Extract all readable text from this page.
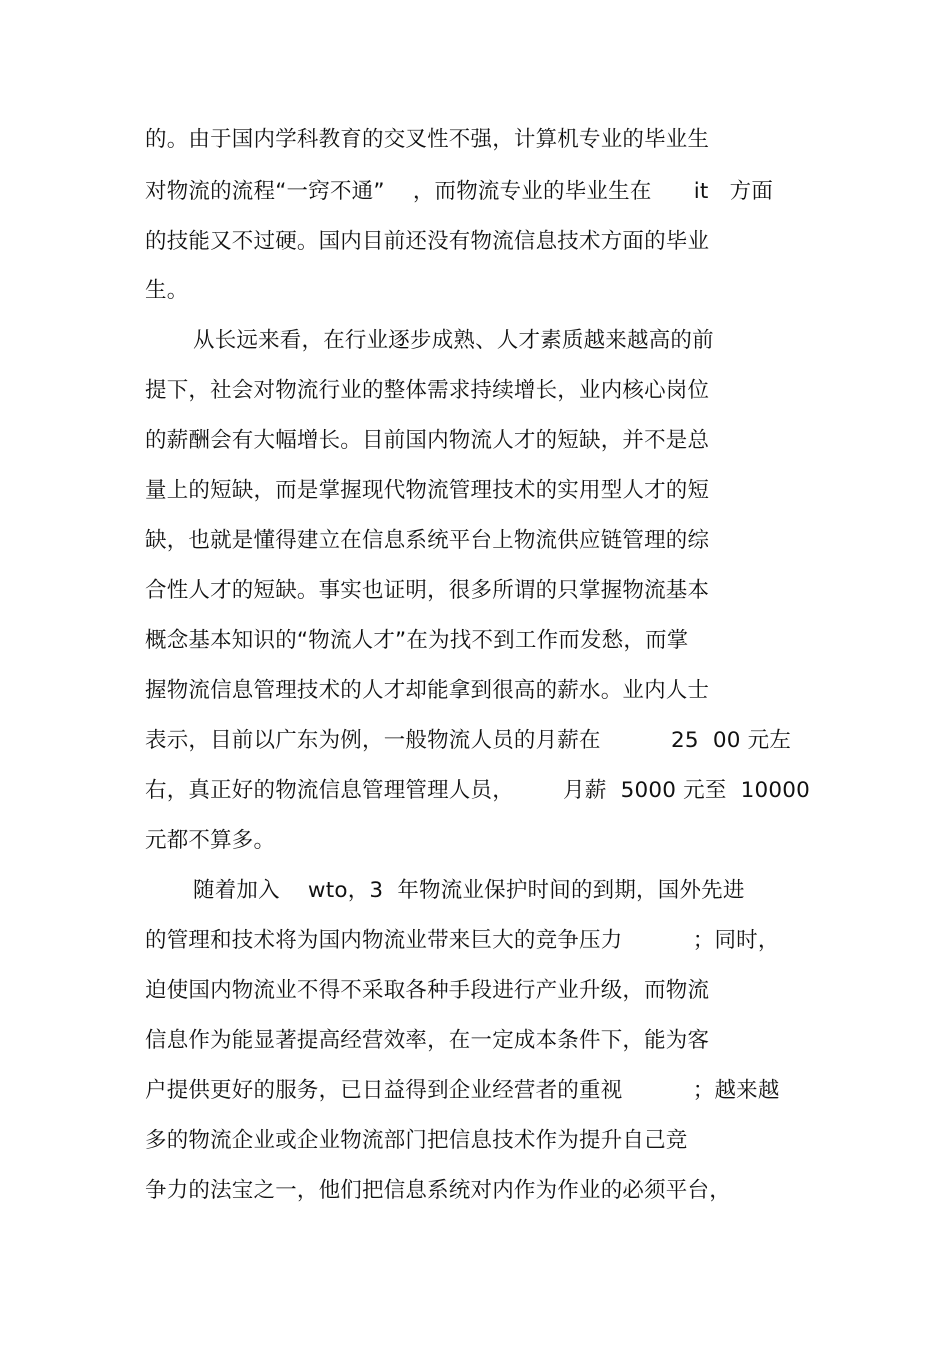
的。由于国内学科教育的交叉性不强，计算机专业的毕业生
对物流的流程“一窍不通”    ，而物流专业的毕业生在      it   方面
的技能又不过硬。国内目前还没有物流信息技术方面的毕业
生。
从长远来看，在行业逐步成熟、人才素质越来越高的前
提下，社会对物流行业的整体需求持续增长，业内核心岗位
的薪酬会有大幅增长。目前国内物流人才的短缺，并不是总
量上的短缺，而是掌握现代物流管理技术的实用型人才的短
缺，也就是懂得建立在信息系统平台上物流供应链管理的综
合性人才的短缺。事实也证明，很多所谓的只掌握物流基本
概念基本知识的“物流人才”在为找不到工作而发愁，而掌
握物流信息管理技术的人才却能拿到很高的薪水。业内人士
表示，目前以广东为例，一般物流人员的月薪在          25  00 元左
右，真正好的物流信息管理管理人员，       月薪  5000 元至  10000
元都不算多。
随着加入    wto，3  年物流业保护时间的到期，国外先进
的管理和技术将为国内物流业带来巨大的竞争压力          ；同时，
迫使国内物流业不得不采取各种手段进行产业升级，而物流
信息作为能显著提高经营效率，在一定成本条件下，能为客
户提供更好的服务，已日益得到企业经营者的重视          ；越来越
多的物流企业或企业物流部门把信息技术作为提升自己竞
争力的法宝之一，他们把信息系统对内作为作业的必须平台，
